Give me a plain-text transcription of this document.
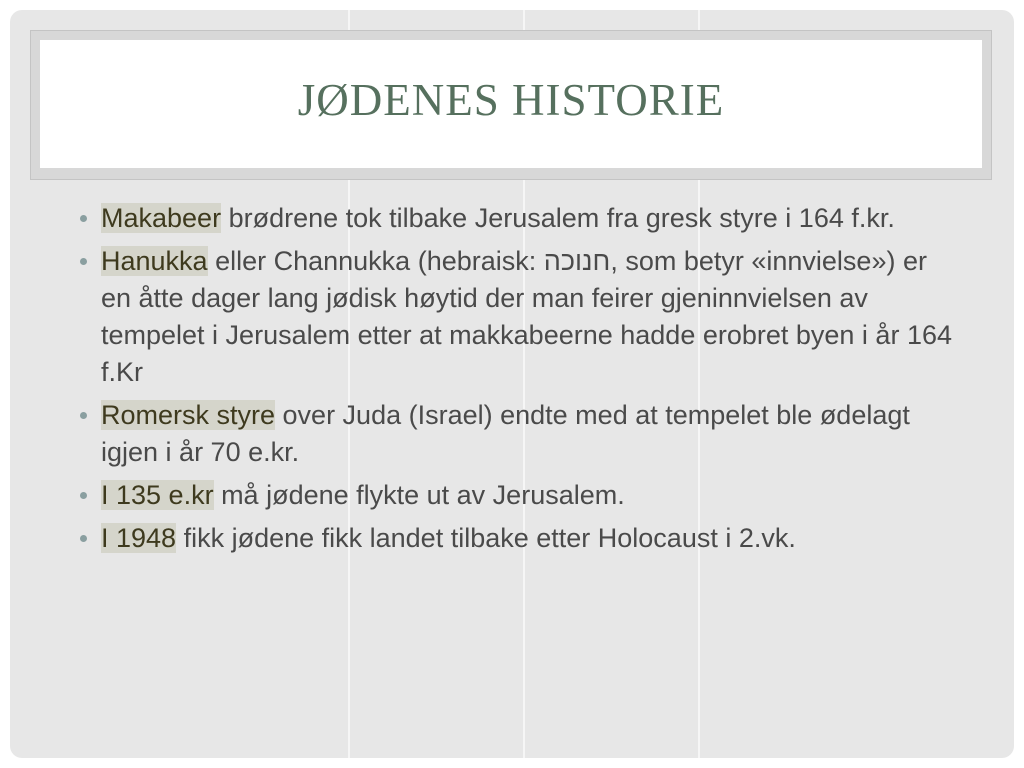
JØDENES HISTORIE
Makabeer brødrene tok tilbake Jerusalem fra gresk styre i 164 f.kr.
Hanukka eller Channukka (hebraisk: חנוכה, som betyr «innvielse») er en åtte dager lang jødisk høytid der man feirer gjeninnvielsen av tempelet i Jerusalem etter at makkabeerne hadde erobret byen i år 164 f.Kr
Romersk styre over Juda (Israel) endte med at tempelet ble ødelagt igjen i år 70 e.kr.
I 135 e.kr må jødene flykte ut av Jerusalem.
I 1948 fikk jødene fikk landet tilbake etter Holocaust i 2.vk.
